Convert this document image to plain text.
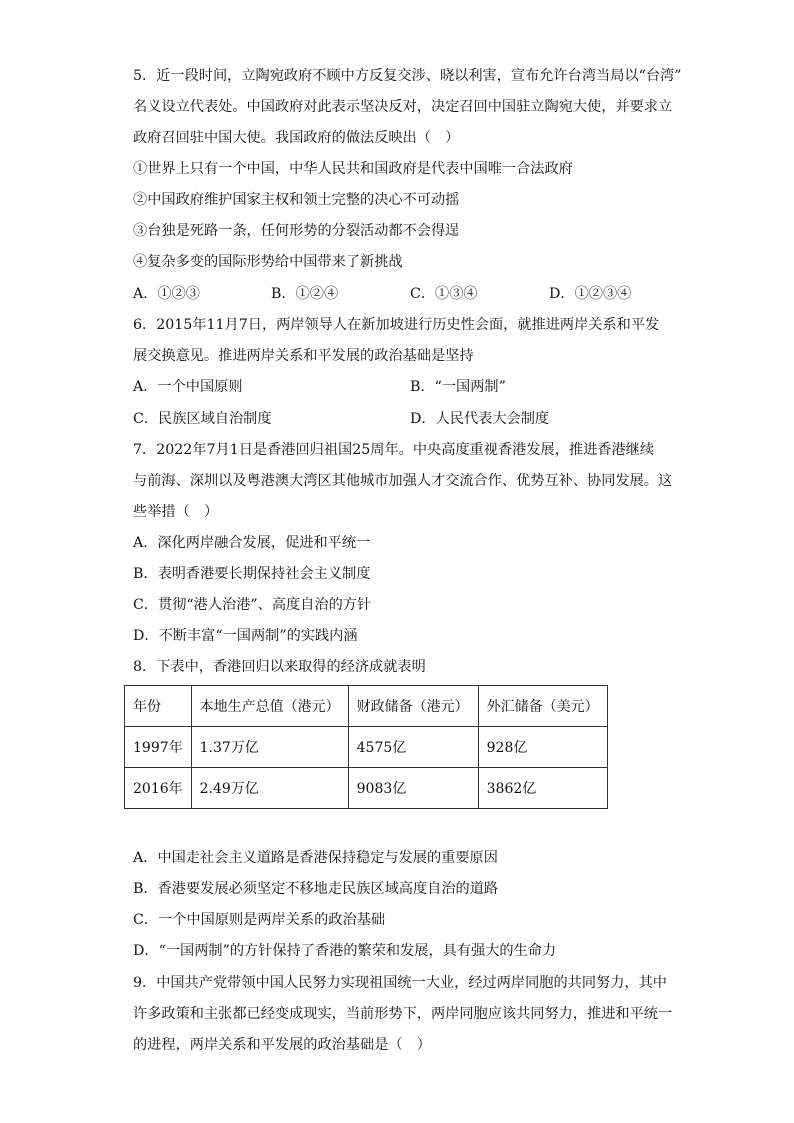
5．近一段时间，立陶宛政府不顾中方反复交涉、晓以利害，宣布允许台湾当局以“台湾”
名义设立代表处。中国政府对此表示坚决反对，决定召回中国驻立陶宛大使，并要求立
政府召回驻中国大使。我国政府的做法反映出（　）
①世界上只有一个中国，中华人民共和国政府是代表中国唯一合法政府
②中国政府维护国家主权和领土完整的决心不可动摇
③台独是死路一条，任何形势的分裂活动都不会得逞
④复杂多变的国际形势给中国带来了新挑战
A．①②③	B．①②④	C．①③④	D．①②③④
6．2015年11月7日，两岸领导人在新加坡进行历史性会面，就推进两岸关系和平发
展交换意见。推进两岸关系和平发展的政治基础是坚持
A．一个中国原则	B．“一国两制”
C．民族区域自治制度	D．人民代表大会制度
7．2022年7月1日是香港回归祖国25周年。中央高度重视香港发展，推进香港继续
与前海、深圳以及粤港澳大湾区其他城市加强人才交流合作、优势互补、协同发展。这
些举措（　）
A．深化两岸融合发展，促进和平统一
B．表明香港要长期保持社会主义制度
C．贯彻“港人治港”、高度自治的方针
D．不断丰富“一国两制”的实践内涵
8．下表中，香港回归以来取得的经济成就表明
年份	本地生产总值（港元）	财政储备（港元）	外汇储备（美元）
1997年	1.37万亿	4575亿	928亿
2016年	2.49万亿	9083亿	3862亿
A．中国走社会主义道路是香港保持稳定与发展的重要原因
B．香港要发展必须坚定不移地走民族区域高度自治的道路
C．一个中国原则是两岸关系的政治基础
D．“一国两制”的方针保持了香港的繁荣和发展，具有强大的生命力
9．中国共产党带领中国人民努力实现祖国统一大业，经过两岸同胞的共同努力，其中
许多政策和主张都已经变成现实，当前形势下，两岸同胞应该共同努力，推进和平统一
的进程，两岸关系和平发展的政治基础是（　）
